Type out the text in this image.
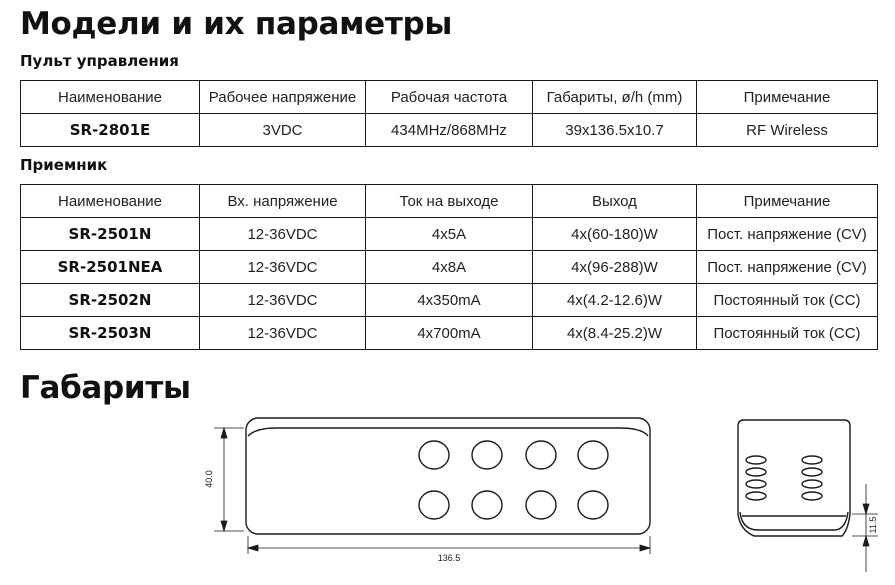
Модели и их параметры
Пульт управления
Наименование	Рабочее напряжение	Рабочая частота	Габариты, ø/h (mm)	Примечание
SR-2801E	3VDC	434MHz/868MHz	39x136.5x10.7	RF Wireless
Приемник
Наименование	Вх. напряжение	Ток на выходе	Выход	Примечание
SR-2501N	12-36VDC	4x5A	4x(60-180)W	Пост. напряжение (CV)
SR-2501NEA	12-36VDC	4x8A	4x(96-288)W	Пост. напряжение (CV)
SR-2502N	12-36VDC	4x350mA	4x(4.2-12.6)W	Постоянный ток (CC)
SR-2503N	12-36VDC	4x700mA	4x(8.4-25.2)W	Постоянный ток (CC)
Габариты
40.0
136.5
11.5
